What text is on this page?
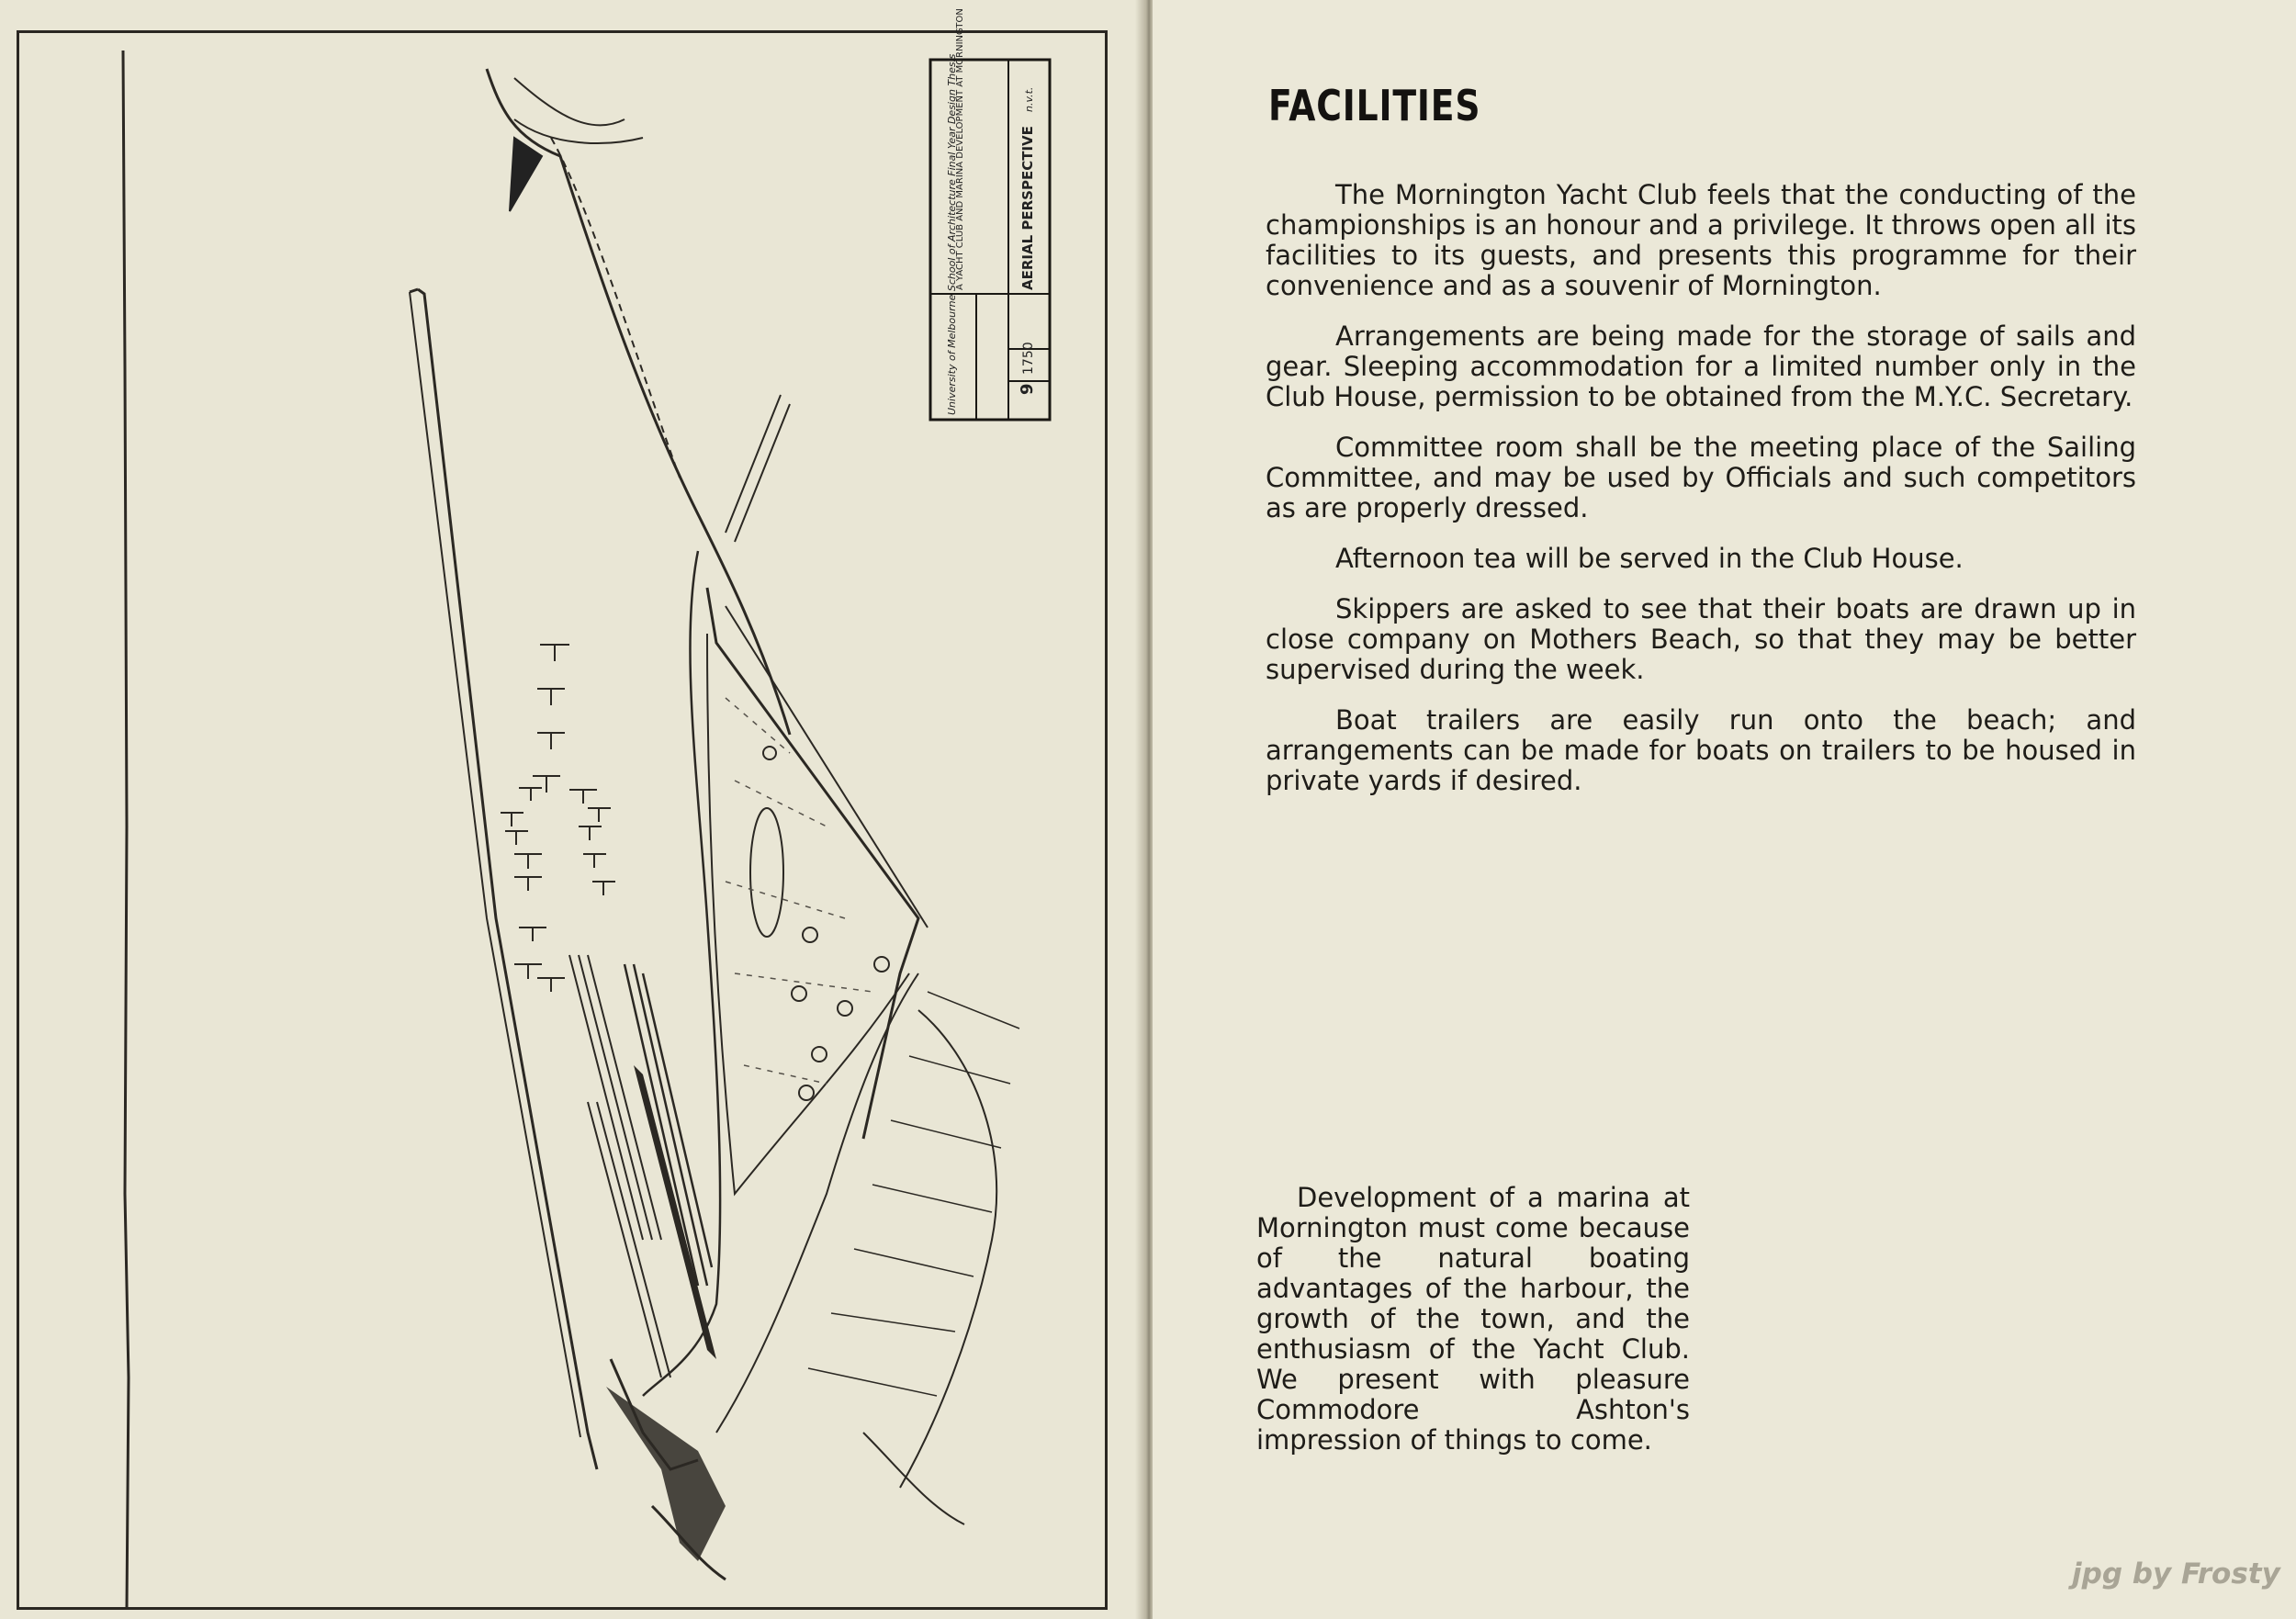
9
1750
University of Melbourne School of Architecture Final Year Design Thesis
A YACHT CLUB AND MARINA DEVELOPMENT AT MORNINGTON	AERIAL PERSPECTIVE
n.v.t.	FACILITIES

The Mornington Yacht Club feels that the conducting of the championships is an honour and a privilege. It throws open all its facilities to its guests, and presents this programme for their convenience and as a souvenir of Mornington.

Arrangements are being made for the storage of sails and gear. Sleeping accommodation for a limited number only in the Club House, permission to be obtained from the M.Y.C. Secretary.

Committee room shall be the meeting place of the Sailing Committee, and may be used by Officials and such competitors as are properly dressed.

Afternoon tea will be served in the Club House.

Skippers are asked to see that their boats are drawn up in close company on Mothers Beach, so that they may be better supervised during the week.

Boat trailers are easily run onto the beach; and arrangements can be made for boats on trailers to be housed in private yards if desired.

Development of a marina at Mornington must come because of the natural boating advantages of the harbour, the growth of the town, and the enthusiasm of the Yacht Club. We present with pleasure Commodore Ashton's impression of things to come.

jpg by Frosty
